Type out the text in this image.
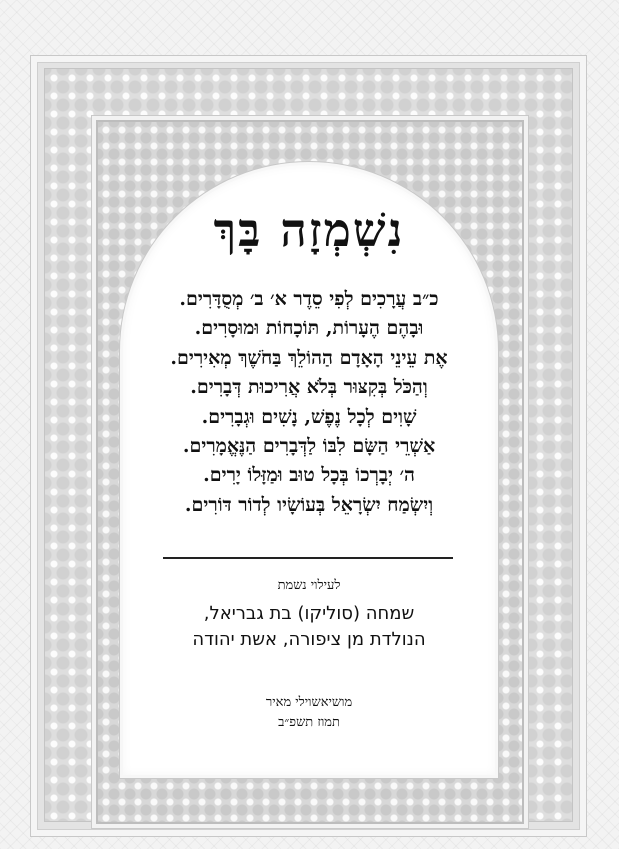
נִשְׁמְזָה בָּךְ
כ״ב עֲרָכִים לְפִי סֵדֶר א׳ ב׳ מְסֻדָּרִים.
וּבָהֶם הֶעָרוֹת, תּוֹכָחוֹת וּמוּסָרִים.
אֶת עֵינֵי הָאָדָם הַהוֹלֵךְ בַּחֹשֶׁךְ מְאִירִים.
וְהַכֹּל בְּקִצּוּר בְּלֹא אֲרִיכוּת דְּבָרִים.
שָׁוִים לְכָל נֶפֶשׁ, נָשִׁים וּגְבָרִים.
אַשְׁרֵי הַשָּׂם לִבּוֹ לַדְּבָרִים הַנֶּאֱמָרִים.
ה׳ יְבָרְכוֹ בְּכָל טוּב וּמַזָּלוֹ יָרִים.
וְיִשְׂמַח יִשְׂרָאֵל בְּעוֹשָׂיו לְדוֹר דּוֹרִים.
לעילוי נשמת
שמחה (סוליקו) בת גבריאל,
הנולדת מן ציפורה, אשת יהודה
מושיאשוילי מאיר
תמוז תשפ״ב
